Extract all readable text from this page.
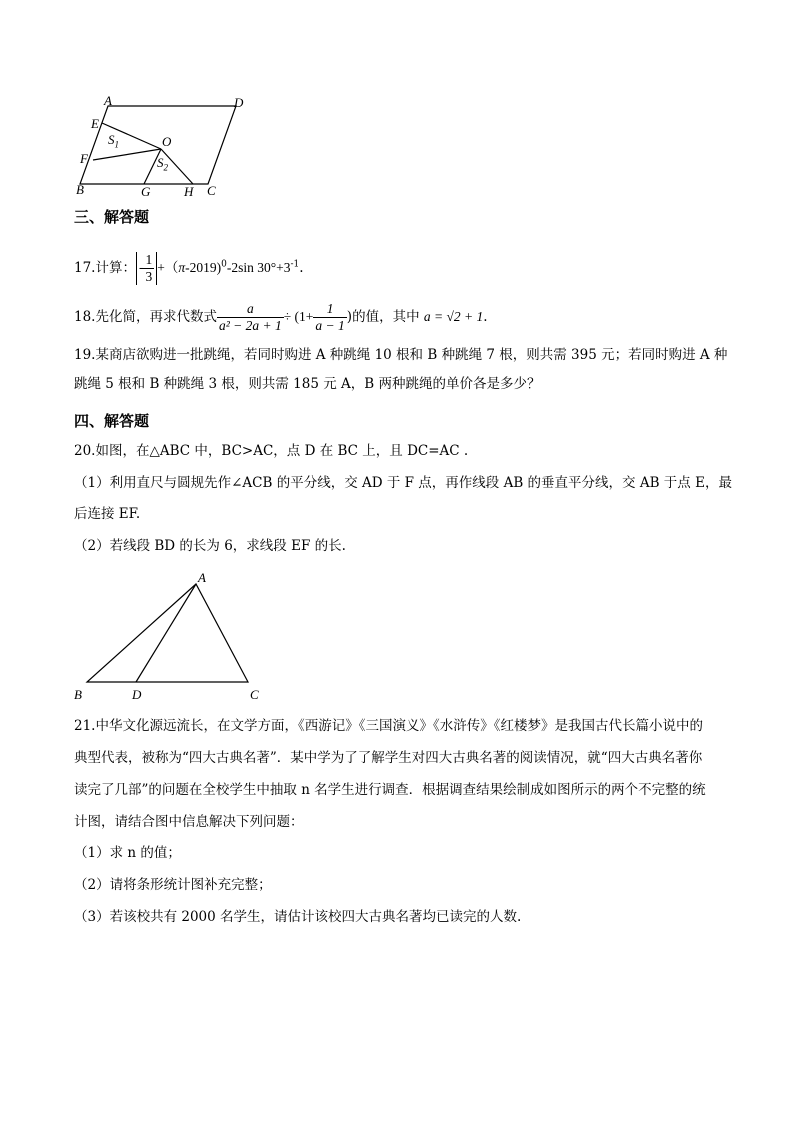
A	D
E
$S_1$	O
F	$S_2$
B	G	H C
三、解答题
17.计算： - $\frac{1}{3} +(\pi-2019)^0-2\sin$ $30^\circ+3^{-1}$.
18.先化简，再求代数式 $\frac{a}{\text{a² − 2a + 1}} \div (1+ \frac{1}{a - 1}$ )的值，其中 a = √2 + 1.
19.某商店欲购进一批跳绳，若同时购进 A 种跳绳 10 根和 B 种跳绳 7 根，则共需 395 元；若同时购进 A 种
跳绳 5 根和 B 种跳绳 3 根，则共需 185 元 A，B 两种跳绳的单价各是多少？
四、解答题
20.如图，在△ABC 中，BC>AC，点 D 在 BC 上，且 DC=AC .
（1）利用直尺与圆规先作∠ACB 的平分线，交 AD 于 F 点，再作线段 AB 的垂直平分线，交 AB 于点 E，最
后连接 EF.
（2）若线段 BD 的长为 6，求线段 EF 的长.
A
B	D	C
21.中华文化源远流长，在文学方面，《西游记》《三国演义》《水浒传》《红楼梦》是我国古代长篇小说中的
典型代表，被称为“四大古典名著”．某中学为了了解学生对四大古典名著的阅读情况，就“四大古典名著你
读完了几部”的问题在全校学生中抽取 n 名学生进行调查．根据调查结果绘制成如图所示的两个不完整的统
计图，请结合图中信息解决下列问题：
（1）求 n 的值；
（2）请将条形统计图补充完整；
（3）若该校共有 2000 名学生，请估计该校四大古典名著均已读完的人数.
